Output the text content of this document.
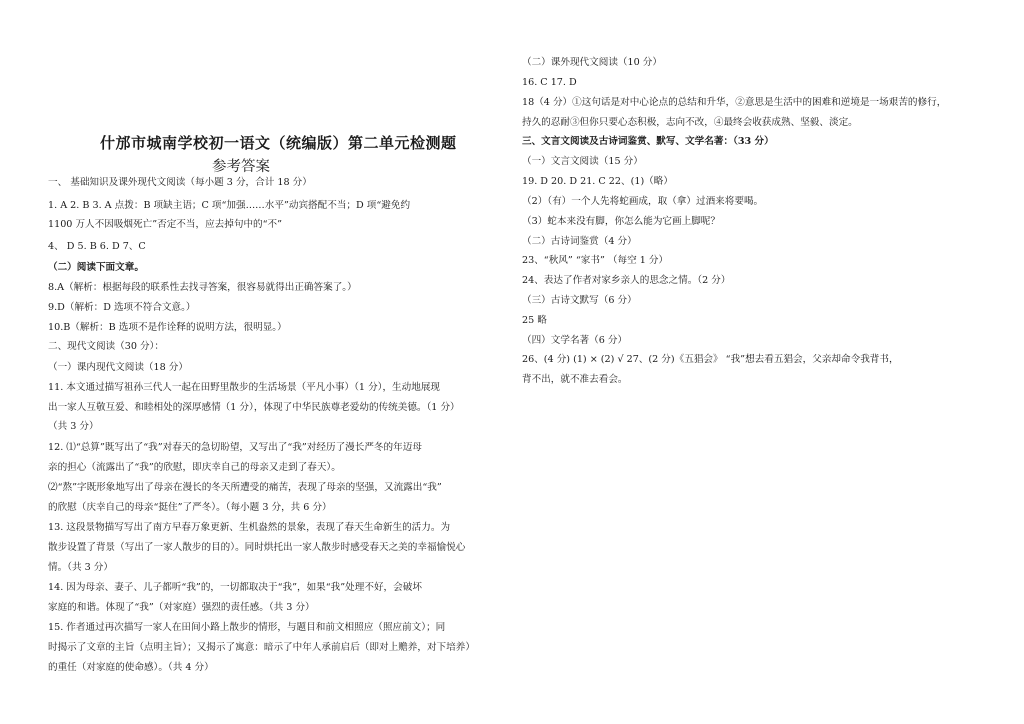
什邡市城南学校初一语文（统编版）第二单元检测题
参考答案
一、 基础知识及课外现代文阅读（每小题 3 分，合计 18 分）
1. A 2. B 3. A 点拨：B 项缺主语；C 项“加强……水平”动宾搭配不当；D 项“避免约
1100 万人不因吸烟死亡”否定不当，应去掉句中的“不”
4、 D 5. B 6. D 7、C
（二）阅读下面文章。
8.A（解析：根据每段的联系性去找寻答案，很容易就得出正确答案了。）
9.D（解析：D 选项不符合文意。）
10.B（解析：B 选项不是作诠释的说明方法，很明显。）
二、现代文阅读（30 分）：
（一）课内现代文阅读（18 分）
11. 本文通过描写祖孙三代人一起在田野里散步的生活场景（平凡小事）（1 分），生动地展现
出一家人互敬互爱、和睦相处的深厚感情（1 分），体现了中华民族尊老爱幼的传统美德。（1 分）
（共 3 分）
12. ⑴“总算”既写出了“我”对春天的急切盼望，又写出了“我”对经历了漫长严冬的年迈母
亲的担心（流露出了“我”的欣慰，即庆幸自己的母亲又走到了春天）。
⑵“熬”字既形象地写出了母亲在漫长的冬天所遭受的痛苦，表现了母亲的坚强，又流露出“我”
的欣慰（庆幸自己的母亲“挺住”了严冬）。（每小题 3 分，共 6 分）
13. 这段景物描写写出了南方早春万象更新、生机盎然的景象，表现了春天生命新生的活力。为
散步设置了背景（写出了一家人散步的目的）。同时烘托出一家人散步时感受春天之美的幸福愉悦心
情。（共 3 分）
14. 因为母亲、妻子、儿子都听“我”的，一切都取决于“我”，如果“我”处理不好，会破坏
家庭的和谐。体现了“我”（对家庭）强烈的责任感。（共 3 分）
15. 作者通过再次描写一家人在田间小路上散步的情形，与题目和前文相照应（照应前文）；同
时揭示了文章的主旨（点明主旨）；又揭示了寓意：暗示了中年人承前启后（即对上赡养，对下培养）
的重任（对家庭的使命感）。（共 4 分）
（二）课外现代文阅读（10 分）
16. C 17. D
18（4 分）①这句话是对中心论点的总结和升华，②意思是生活中的困难和逆境是一场艰苦的修行，
持久的忍耐③但你只要心态积极，志向不改，④最终会收获成熟、坚毅、淡定。
三、文言文阅读及古诗词鉴赏、默写、文学名著：（33 分）
（一）文言文阅读（15 分）
19. D 20. D 21. C 22、(1)（略）
（2）（有）一个人先将蛇画成，取（拿）过酒来将要喝。
（3）蛇本来没有脚，你怎么能为它画上脚呢？
（二）古诗词鉴赏（4 分）
23、“秋风” “家书” （每空 1 分）
24、表达了作者对家乡亲人的思念之情。（2 分）
（三）古诗文默写（6 分）
25 略
（四）文学名著（6 分）
26、(4 分) (1) × (2) √ 27、(2 分)《五猖会》 “我”想去看五猖会，父亲却命令我背书，
背不出，就不准去看会。
